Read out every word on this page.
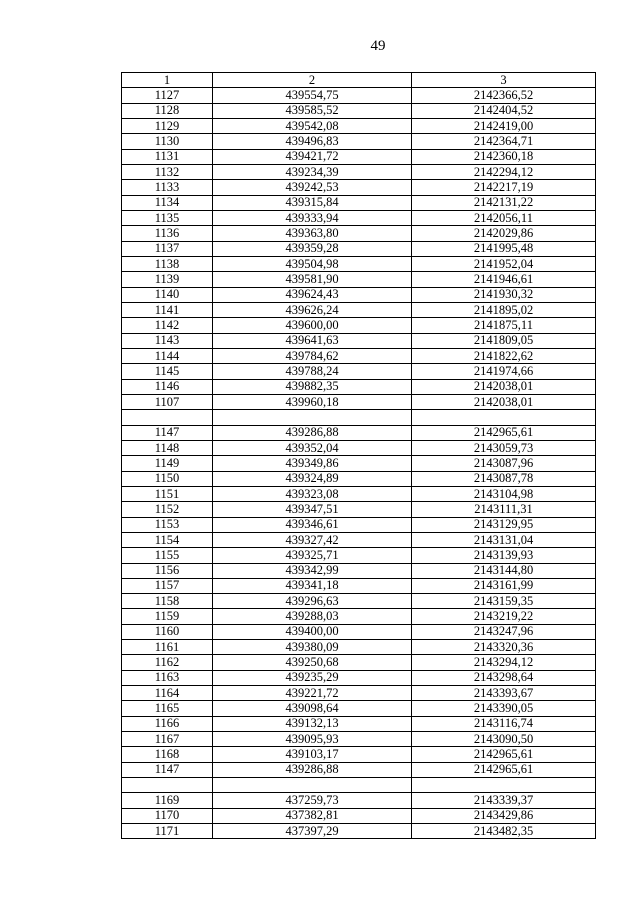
49
1	2	3
1127	439554,75	2142366,52
1128	439585,52	2142404,52
1129	439542,08	2142419,00
1130	439496,83	2142364,71
1131	439421,72	2142360,18
1132	439234,39	2142294,12
1133	439242,53	2142217,19
1134	439315,84	2142131,22
1135	439333,94	2142056,11
1136	439363,80	2142029,86
1137	439359,28	2141995,48
1138	439504,98	2141952,04
1139	439581,90	2141946,61
1140	439624,43	2141930,32
1141	439626,24	2141895,02
1142	439600,00	2141875,11
1143	439641,63	2141809,05
1144	439784,62	2141822,62
1145	439788,24	2141974,66
1146	439882,35	2142038,01
1107	439960,18	2142038,01

1147	439286,88	2142965,61
1148	439352,04	2143059,73
1149	439349,86	2143087,96
1150	439324,89	2143087,78
1151	439323,08	2143104,98
1152	439347,51	2143111,31
1153	439346,61	2143129,95
1154	439327,42	2143131,04
1155	439325,71	2143139,93
1156	439342,99	2143144,80
1157	439341,18	2143161,99
1158	439296,63	2143159,35
1159	439288,03	2143219,22
1160	439400,00	2143247,96
1161	439380,09	2143320,36
1162	439250,68	2143294,12
1163	439235,29	2143298,64
1164	439221,72	2143393,67
1165	439098,64	2143390,05
1166	439132,13	2143116,74
1167	439095,93	2143090,50
1168	439103,17	2142965,61
1147	439286,88	2142965,61

1169	437259,73	2143339,37
1170	437382,81	2143429,86
1171	437397,29	2143482,35
